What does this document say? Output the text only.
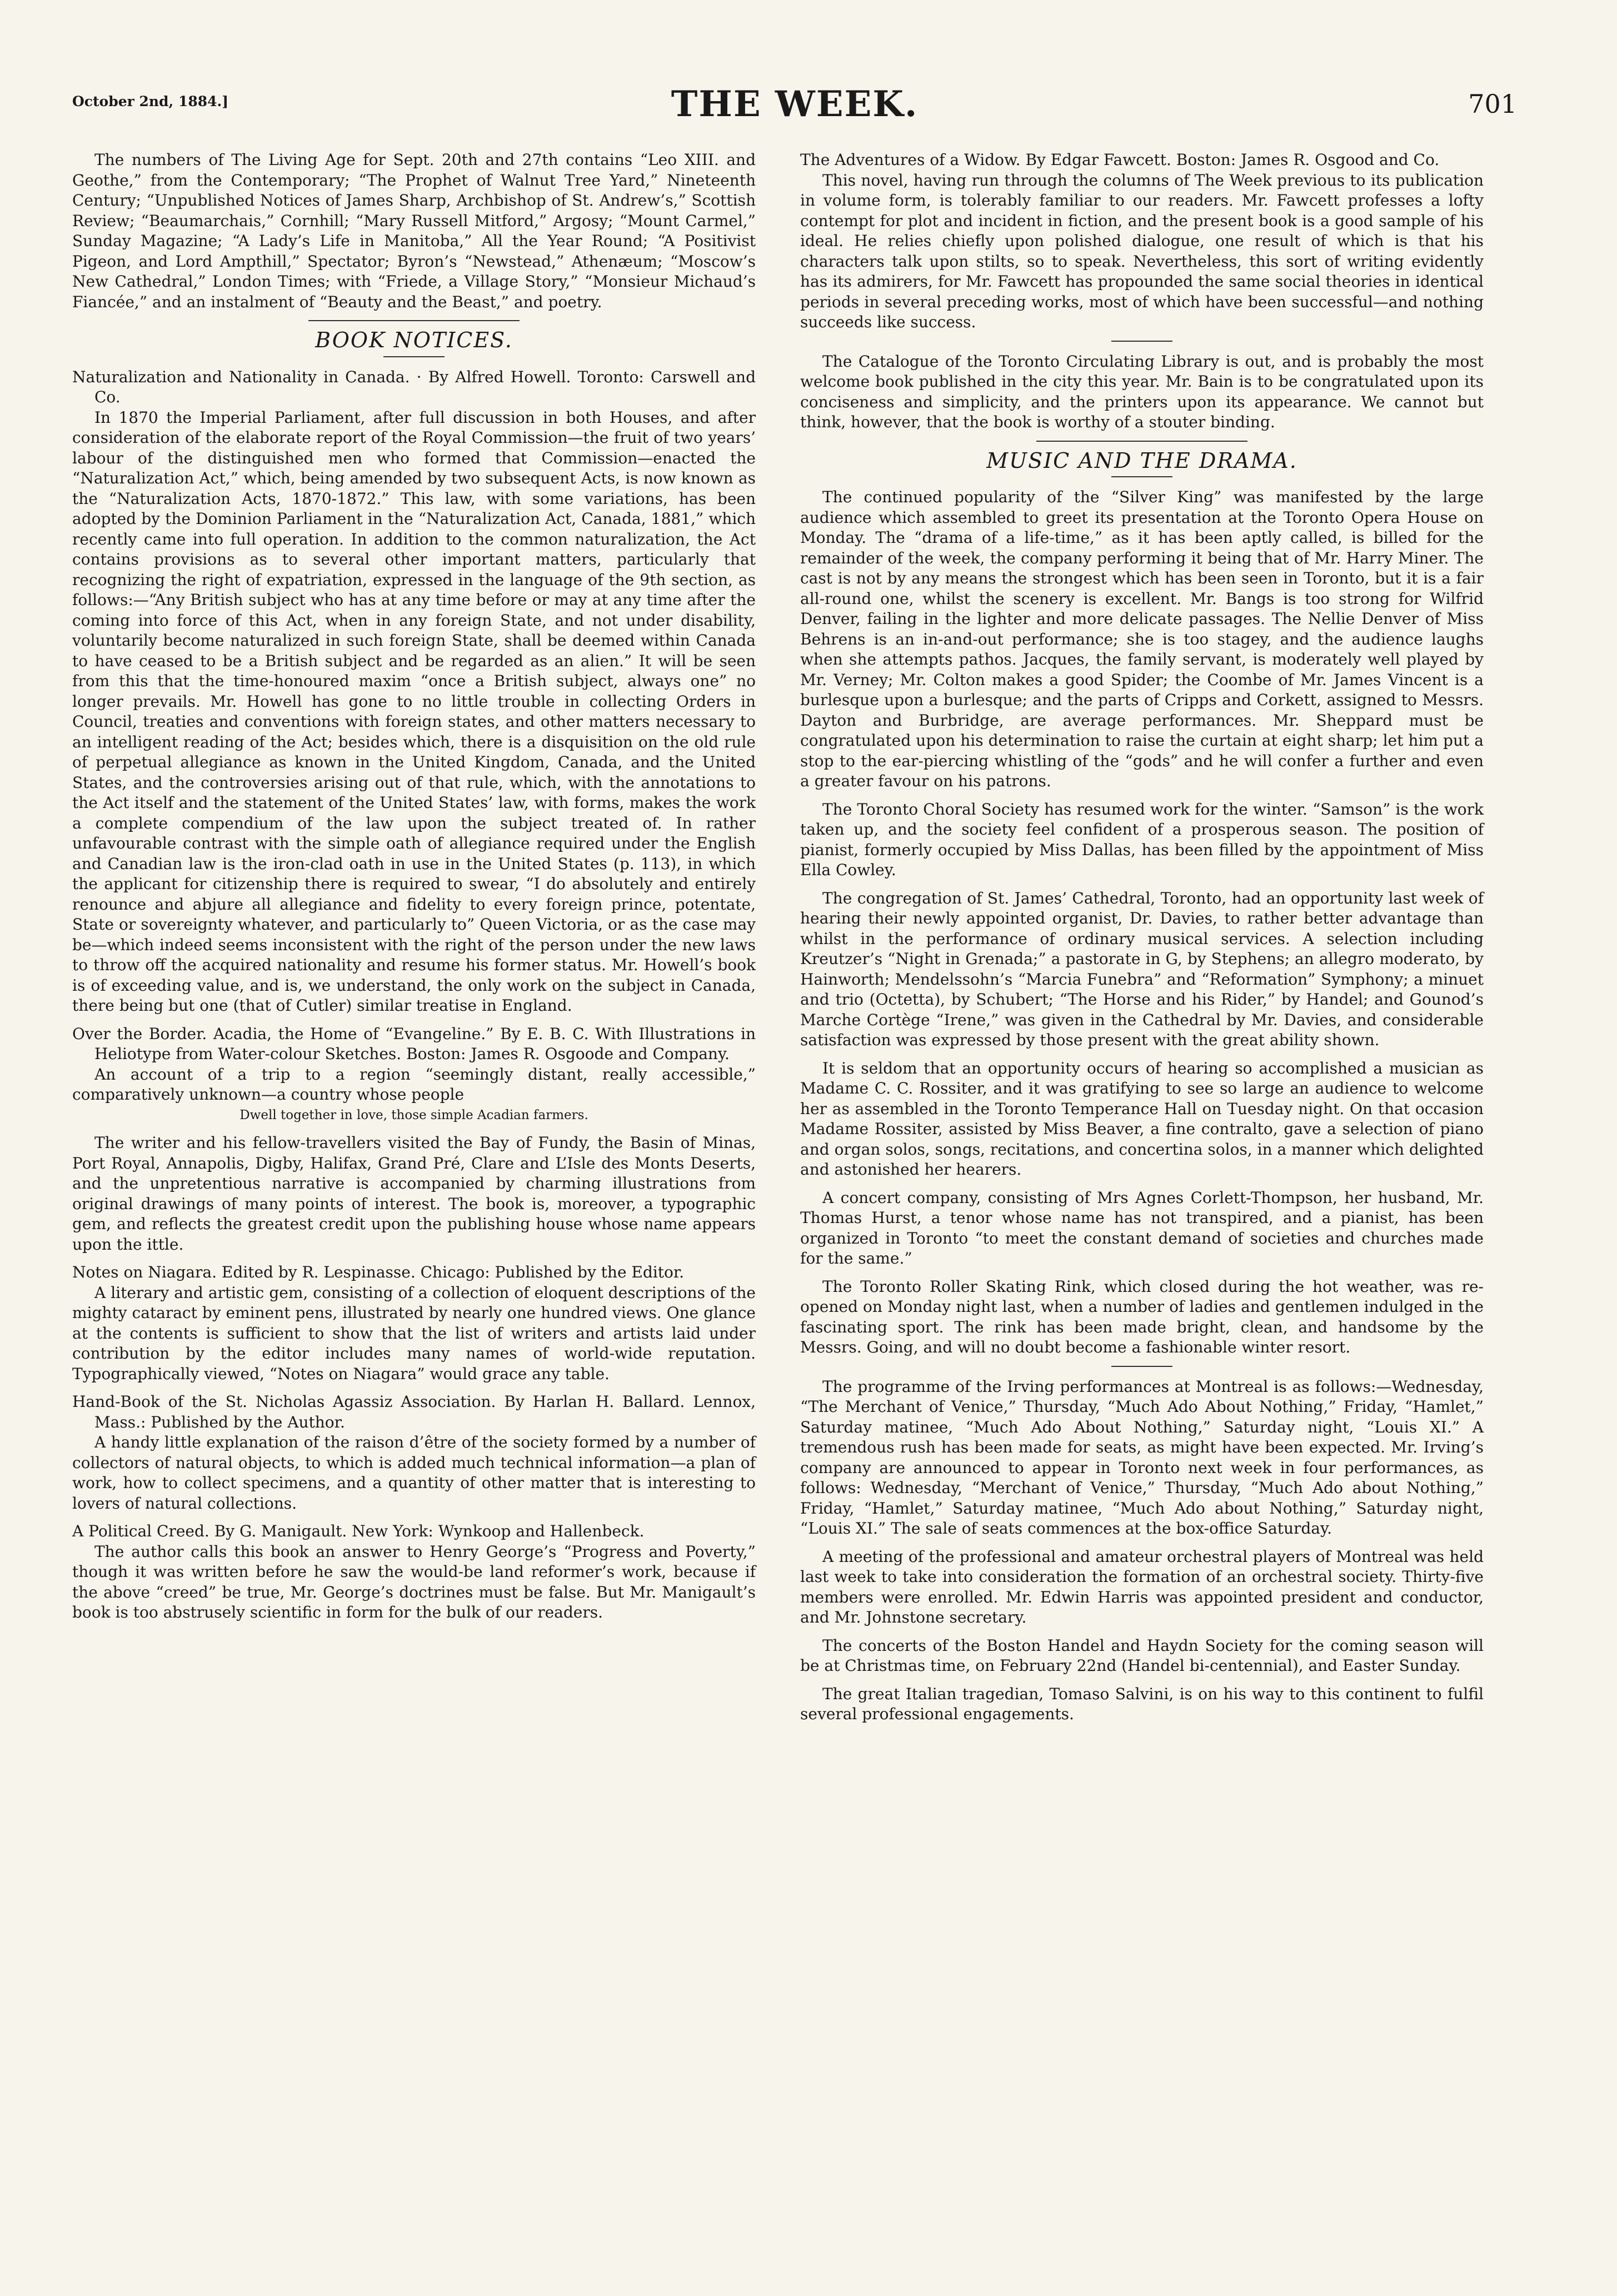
October 2nd, 1884.]	THE WEEK.	701

The numbers of The Living Age for Sept. 20th and 27th contains “Leo XIII. and Geothe,” from the Contemporary; “The Prophet of Walnut Tree Yard,” Nineteenth Century; “Unpublished Notices of James Sharp, Archbishop of St. Andrew’s,” Scottish Review; “Beaumarchais,” Cornhill; “Mary Russell Mitford,” Argosy; “Mount Carmel,” Sunday Magazine; “A Lady’s Life in Manitoba,” All the Year Round; “A Positivist Pigeon, and Lord Ampthill,” Spectator; Byron’s “Newstead,” Athenæum; “Moscow’s New Cathedral,” London Times; with “Friede, a Village Story,” “Monsieur Michaud’s Fiancée,” and an instalment of “Beauty and the Beast,” and poetry.

BOOK NOTICES.

Naturalization and Nationality in Canada. · By Alfred Howell. Toronto: Carswell and Co.

In 1870 the Imperial Parliament, after full discussion in both Houses, and after consideration of the elaborate report of the Royal Commission—the fruit of two years’ labour of the distinguished men who formed that Commission—enacted the “Naturalization Act,” which, being amended by two subsequent Acts, is now known as the “Naturalization Acts, 1870-1872.” This law, with some variations, has been adopted by the Dominion Parliament in the “Naturalization Act, Canada, 1881,” which recently came into full operation. In addition to the common naturalization, the Act contains provisions as to several other important matters, particularly that recognizing the right of expatriation, expressed in the language of the 9th section, as follows:—“Any British subject who has at any time before or may at any time after the coming into force of this Act, when in any foreign State, and not under disability, voluntarily become naturalized in such foreign State, shall be deemed within Canada to have ceased to be a British subject and be regarded as an alien.” It will be seen from this that the time-honoured maxim “once a British subject, always one” no longer prevails. Mr. Howell has gone to no little trouble in collecting Orders in Council, treaties and conventions with foreign states, and other matters necessary to an intelligent reading of the Act; besides which, there is a disquisition on the old rule of perpetual allegiance as known in the United Kingdom, Canada, and the United States, and the controversies arising out of that rule, which, with the annotations to the Act itself and the statement of the United States’ law, with forms, makes the work a complete compendium of the law upon the subject treated of. In rather unfavourable contrast with the simple oath of allegiance required under the English and Canadian law is the iron-clad oath in use in the United States (p. 113), in which the applicant for citizenship there is required to swear, “I do absolutely and entirely renounce and abjure all allegiance and fidelity to every foreign prince, potentate, State or sovereignty whatever, and particularly to” Queen Victoria, or as the case may be—which indeed seems inconsistent with the right of the person under the new laws to throw off the acquired nationality and resume his former status. Mr. Howell’s book is of exceeding value, and is, we understand, the only work on the subject in Canada, there being but one (that of Cutler) similar treatise in England.

Over the Border. Acadia, the Home of “Evangeline.” By E. B. C. With Illustrations in Heliotype from Water-colour Sketches. Boston: James R. Osgoode and Company.

An account of a trip to a region “seemingly distant, really accessible,” comparatively unknown—a country whose people

Dwell together in love, those simple Acadian farmers.

The writer and his fellow-travellers visited the Bay of Fundy, the Basin of Minas, Port Royal, Annapolis, Digby, Halifax, Grand Pré, Clare and L’Isle des Monts Deserts, and the unpretentious narrative is accompanied by charming illustrations from original drawings of many points of interest. The book is, moreover, a typographic gem, and reflects the greatest credit upon the publishing house whose name appears upon the ittle.

Notes on Niagara. Edited by R. Lespinasse. Chicago: Published by the Editor.

A literary and artistic gem, consisting of a collection of eloquent descriptions of the mighty cataract by eminent pens, illustrated by nearly one hundred views. One glance at the contents is sufficient to show that the list of writers and artists laid under contribution by the editor includes many names of world-wide reputation. Typographically viewed, “Notes on Niagara” would grace any table.

Hand-Book of the St. Nicholas Agassiz Association. By Harlan H. Ballard. Lennox, Mass.: Published by the Author.

A handy little explanation of the raison d’être of the society formed by a number of collectors of natural objects, to which is added much technical information—a plan of work, how to collect specimens, and a quantity of other matter that is interesting to lovers of natural collections.

A Political Creed. By G. Manigault. New York: Wynkoop and Hallenbeck.

The author calls this book an answer to Henry George’s “Progress and Poverty,” though it was written before he saw the would-be land reformer’s work, because if the above “creed” be true, Mr. George’s doctrines must be false. But Mr. Manigault’s book is too abstrusely scientific in form for the bulk of our readers.

The Adventures of a Widow. By Edgar Fawcett. Boston: James R. Osgood and Co.

This novel, having run through the columns of The Week previous to its publication in volume form, is tolerably familiar to our readers. Mr. Fawcett professes a lofty contempt for plot and incident in fiction, and the present book is a good sample of his ideal. He relies chiefly upon polished dialogue, one result of which is that his characters talk upon stilts, so to speak. Nevertheless, this sort of writing evidently has its admirers, for Mr. Fawcett has propounded the same social theories in identical periods in several preceding works, most of which have been successful—and nothing succeeds like success.

The Catalogue of the Toronto Circulating Library is out, and is probably the most welcome book published in the city this year. Mr. Bain is to be congratulated upon its conciseness and simplicity, and the printers upon its appearance. We cannot but think, however, that the book is worthy of a stouter binding.

MUSIC AND THE DRAMA.

The continued popularity of the “Silver King” was manifested by the large audience which assembled to greet its presentation at the Toronto Opera House on Monday. The “drama of a life-time,” as it has been aptly called, is billed for the remainder of the week, the company performing it being that of Mr. Harry Miner. The cast is not by any means the strongest which has been seen in Toronto, but it is a fair all-round one, whilst the scenery is excellent. Mr. Bangs is too strong for Wilfrid Denver, failing in the lighter and more delicate passages. The Nellie Denver of Miss Behrens is an in-and-out performance; she is too stagey, and the audience laughs when she attempts pathos. Jacques, the family servant, is moderately well played by Mr. Verney; Mr. Colton makes a good Spider; the Coombe of Mr. James Vincent is a burlesque upon a burlesque; and the parts of Cripps and Corkett, assigned to Messrs. Dayton and Burbridge, are average performances. Mr. Sheppard must be congratulated upon his determination to raise the curtain at eight sharp; let him put a stop to the ear-piercing whistling of the “gods” and he will confer a further and even a greater favour on his patrons.

The Toronto Choral Society has resumed work for the winter. “Samson” is the work taken up, and the society feel confident of a prosperous season. The position of pianist, formerly occupied by Miss Dallas, has been filled by the appointment of Miss Ella Cowley.

The congregation of St. James’ Cathedral, Toronto, had an opportunity last week of hearing their newly appointed organist, Dr. Davies, to rather better advantage than whilst in the performance of ordinary musical services. A selection including Kreutzer’s “Night in Grenada;” a pastorate in G, by Stephens; an allegro moderato, by Hainworth; Mendelssohn’s “Marcia Funebra” and “Reformation” Symphony; a minuet and trio (Octetta), by Schubert; “The Horse and his Rider,” by Handel; and Gounod’s Marche Cortège “Irene,” was given in the Cathedral by Mr. Davies, and considerable satisfaction was expressed by those present with the great ability shown.

It is seldom that an opportunity occurs of hearing so accomplished a musician as Madame C. C. Rossiter, and it was gratifying to see so large an audience to welcome her as assembled in the Toronto Temperance Hall on Tuesday night. On that occasion Madame Rossiter, assisted by Miss Beaver, a fine contralto, gave a selection of piano and organ solos, songs, recitations, and concertina solos, in a manner which delighted and astonished her hearers.

A concert company, consisting of Mrs Agnes Corlett-Thompson, her husband, Mr. Thomas Hurst, a tenor whose name has not transpired, and a pianist, has been organized in Toronto “to meet the constant demand of societies and churches made for the same.”

The Toronto Roller Skating Rink, which closed during the hot weather, was re-opened on Monday night last, when a number of ladies and gentlemen indulged in the fascinating sport. The rink has been made bright, clean, and handsome by the Messrs. Going, and will no doubt become a fashionable winter resort.

The programme of the Irving performances at Montreal is as follows:—Wednesday, “The Merchant of Venice,” Thursday, “Much Ado About Nothing,” Friday, “Hamlet,” Saturday matinee, “Much Ado About Nothing,” Saturday night, “Louis XI.” A tremendous rush has been made for seats, as might have been expected. Mr. Irving’s company are announced to appear in Toronto next week in four performances, as follows: Wednesday, “Merchant of Venice,” Thursday, “Much Ado about Nothing,” Friday, “Hamlet,” Saturday matinee, “Much Ado about Nothing,” Saturday night, “Louis XI.” The sale of seats commences at the box-office Saturday.

A meeting of the professional and amateur orchestral players of Montreal was held last week to take into consideration the formation of an orchestral society. Thirty-five members were enrolled. Mr. Edwin Harris was appointed president and conductor, and Mr. Johnstone secretary.

The concerts of the Boston Handel and Haydn Society for the coming season will be at Christmas time, on February 22nd (Handel bi-centennial), and Easter Sunday.

The great Italian tragedian, Tomaso Salvini, is on his way to this continent to fulfil several professional engagements.
